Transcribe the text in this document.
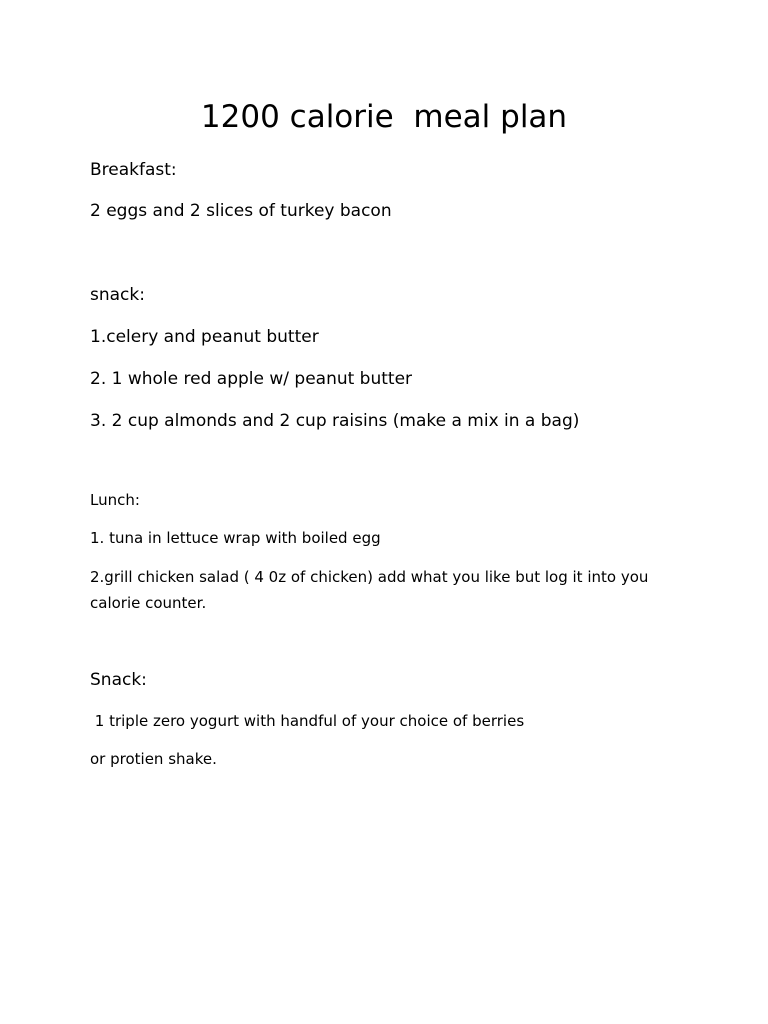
1200 calorie  meal plan
Breakfast:
2 eggs and 2 slices of turkey bacon
snack:
1.celery and peanut butter
2. 1 whole red apple w/ peanut butter
3. 2 cup almonds and 2 cup raisins (make a mix in a bag)
Lunch:
1. tuna in lettuce wrap with boiled egg
2.grill chicken salad ( 4 0z of chicken) add what you like but log it into you calorie counter.
Snack:
1 triple zero yogurt with handful of your choice of berries
or protien shake.
